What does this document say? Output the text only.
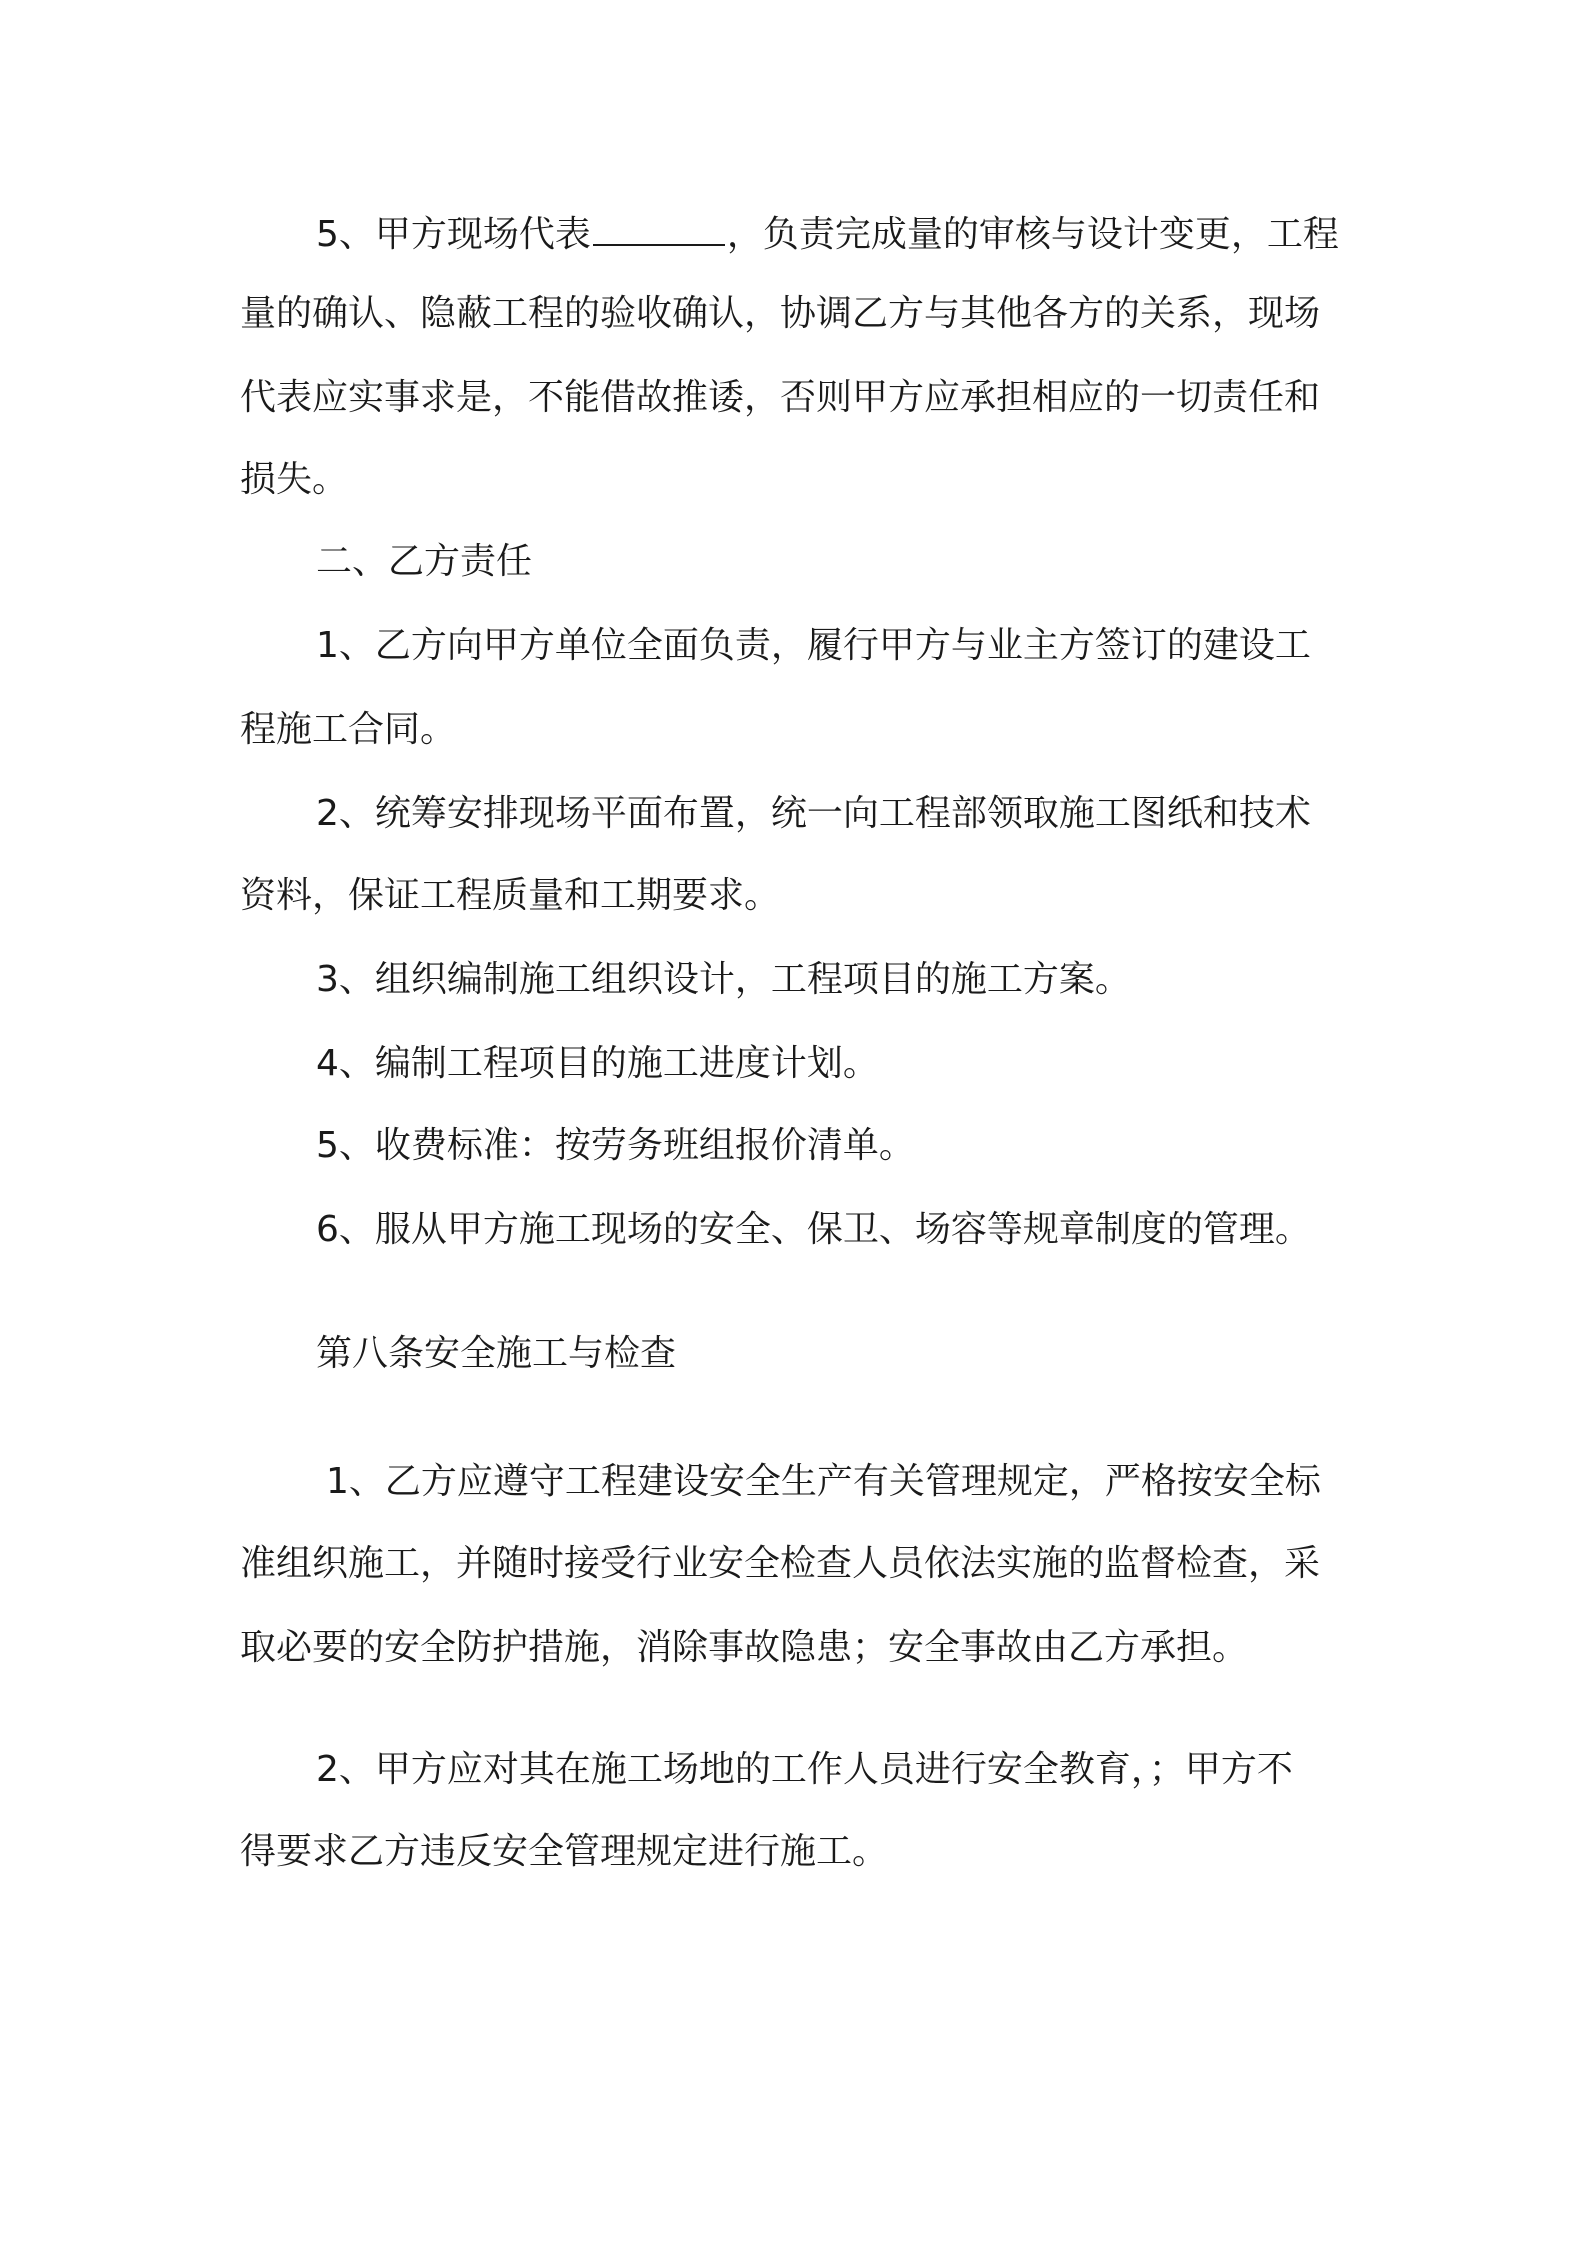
5、甲方现场代表	，负责完成量的审核与设计变更，工程
量的确认、隐蔽工程的验收确认，协调乙方与其他各方的关系，现场
代表应实事求是，不能借故推诿，否则甲方应承担相应的一切责任和
损失。
二、乙方责任
1、乙方向甲方单位全面负责，履行甲方与业主方签订的建设工
程施工合同。
2、统筹安排现场平面布置，统一向工程部领取施工图纸和技术
资料，保证工程质量和工期要求。
3、组织编制施工组织设计，工程项目的施工方案。
4、编制工程项目的施工进度计划。
5、收费标准：按劳务班组报价清单。
6、服从甲方施工现场的安全、保卫、场容等规章制度的管理。
第八条安全施工与检查
1、乙方应遵守工程建设安全生产有关管理规定，严格按安全标
准组织施工，并随时接受行业安全检查人员依法实施的监督检查，采
取必要的安全防护措施，消除事故隐患；安全事故由乙方承担。
2、甲方应对其在施工场地的工作人员进行安全教育，；甲方不
得要求乙方违反安全管理规定进行施工。
